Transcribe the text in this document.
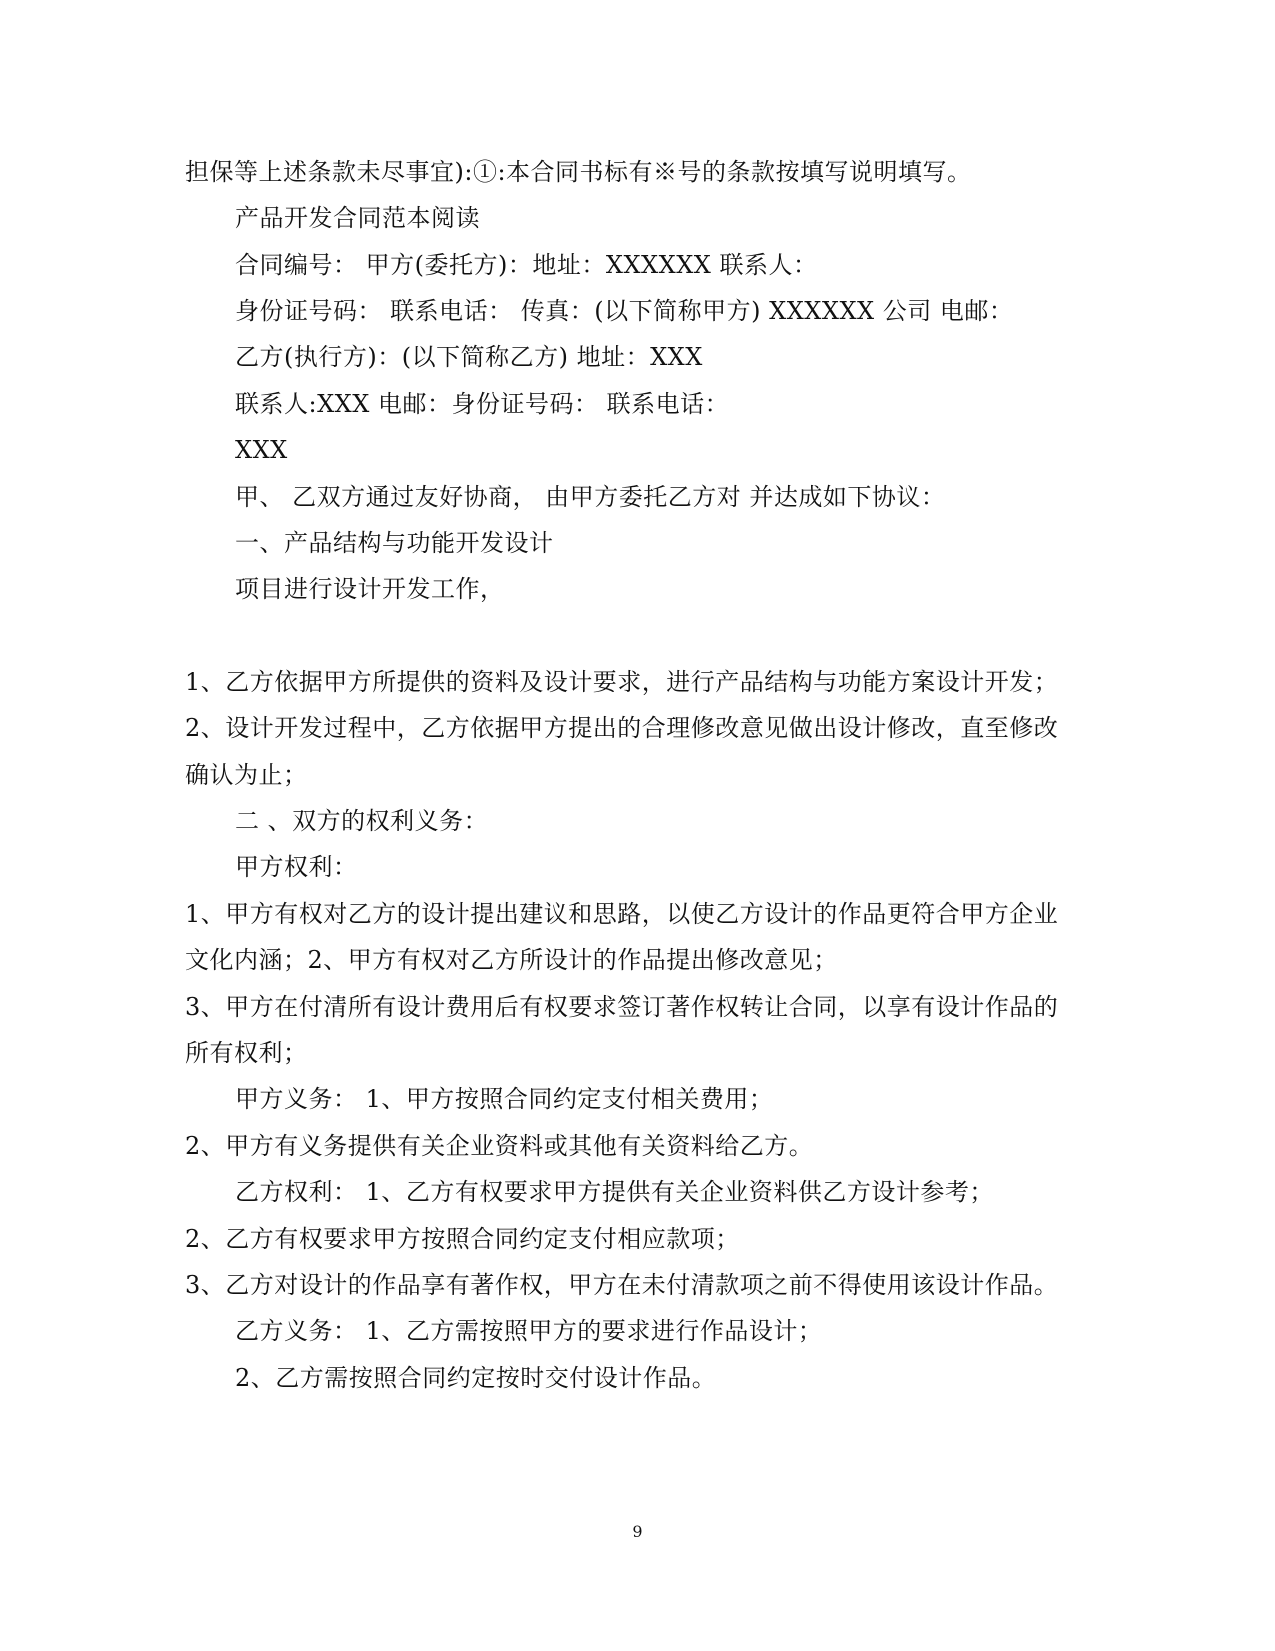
担保等上述条款未尽事宜):①:本合同书标有※号的条款按填写说明填写。
产品开发合同范本阅读
合同编号： 甲方(委托方)：地址：XXXXXX 联系人：
身份证号码： 联系电话： 传真：(以下简称甲方) XXXXXX 公司 电邮：
乙方(执行方)：(以下简称乙方) 地址：XXX
联系人:XXX 电邮：身份证号码： 联系电话：
XXX
甲、 乙双方通过友好协商， 由甲方委托乙方对 并达成如下协议：
一、产品结构与功能开发设计
项目进行设计开发工作，
1、乙方依据甲方所提供的资料及设计要求，进行产品结构与功能方案设计开发；
2、设计开发过程中，乙方依据甲方提出的合理修改意见做出设计修改，直至修改
确认为止；
二 、双方的权利义务：
甲方权利：
1、甲方有权对乙方的设计提出建议和思路，以使乙方设计的作品更符合甲方企业
文化内涵；2、甲方有权对乙方所设计的作品提出修改意见；
3、甲方在付清所有设计费用后有权要求签订著作权转让合同，以享有设计作品的
所有权利；
甲方义务： 1、甲方按照合同约定支付相关费用；
2、甲方有义务提供有关企业资料或其他有关资料给乙方。
乙方权利： 1、乙方有权要求甲方提供有关企业资料供乙方设计参考；
2、乙方有权要求甲方按照合同约定支付相应款项；
3、乙方对设计的作品享有著作权，甲方在未付清款项之前不得使用该设计作品。
乙方义务： 1、乙方需按照甲方的要求进行作品设计；
2、乙方需按照合同约定按时交付设计作品。
9
